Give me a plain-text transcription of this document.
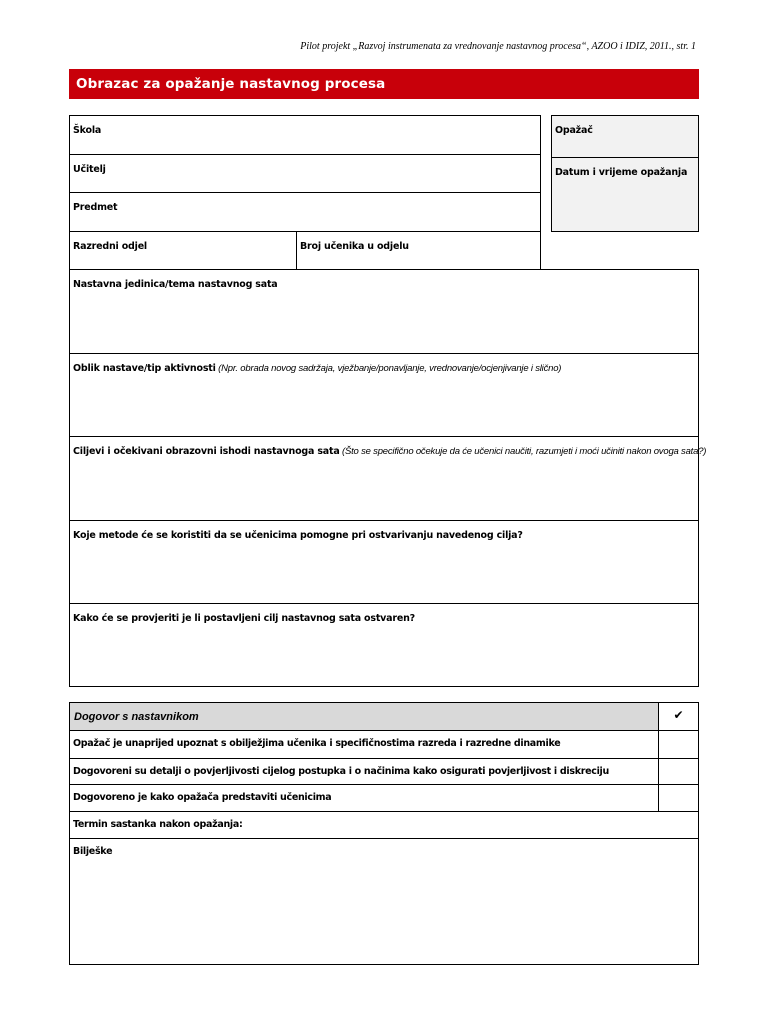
Pilot projekt „Razvoj instrumenata za vrednovanje nastavnog procesa“, AZOO i IDIZ, 2011., str. 1
Obrazac za opažanje nastavnog procesa
Škola
Učitelj
Predmet
Razredni odjel	Broj učenika u odjelu
Opažač
Datum i vrijeme opažanja
Nastavna jedinica/tema nastavnog sata
Oblik nastave/tip aktivnosti (Npr. obrada novog sadržaja, vježbanje/ponavljanje, vrednovanje/ocjenjivanje i slično)
Ciljevi i očekivani obrazovni ishodi nastavnoga sata (Što se specifično očekuje da će učenici naučiti, razumjeti i moći učiniti nakon ovoga sata?)
Koje metode će se koristiti da se učenicima pomogne pri ostvarivanju navedenog cilja?
Kako će se provjeriti je li postavljeni cilj nastavnog sata ostvaren?
Dogovor s nastavnikom	✔
Opažač je unaprijed upoznat s obilježjima učenika i specifičnostima razreda i razredne dinamike
Dogovoreni su detalji o povjerljivosti cijelog postupka i o načinima kako osigurati povjerljivost i diskreciju
Dogovoreno je kako opažača predstaviti učenicima
Termin sastanka nakon opažanja:
Bilješke
